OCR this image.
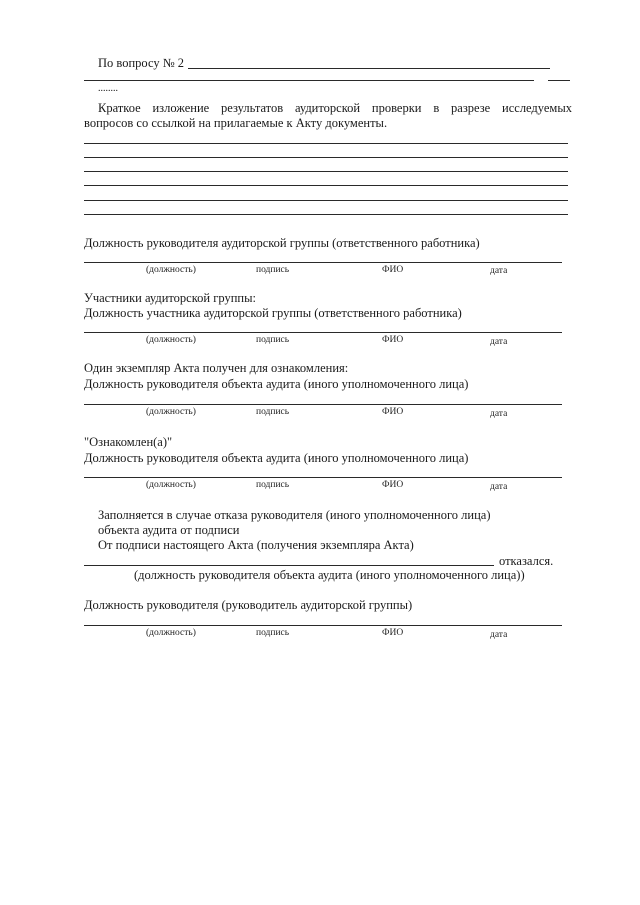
По вопросу № 2
........
Краткое изложение результатов аудиторской проверки в разрезе исследуемых
вопросов со ссылкой на прилагаемые к Акту документы.
Должность руководителя аудиторской группы (ответственного работника)
(должность)	подпись	ФИО	дата
Участники аудиторской группы:
Должность участника аудиторской группы (ответственного работника)
(должность)	подпись	ФИО	дата
Один экземпляр Акта получен для ознакомления:
Должность руководителя объекта аудита (иного уполномоченного лица)
(должность)	подпись	ФИО	дата
"Ознакомлен(а)"
Должность руководителя объекта аудита (иного уполномоченного лица)
(должность)	подпись	ФИО	дата
Заполняется в случае отказа руководителя (иного уполномоченного лица)
объекта аудита от подписи
От подписи настоящего Акта (получения экземпляра Акта)
отказался.
(должность руководителя объекта аудита (иного уполномоченного лица))
Должность руководителя (руководитель аудиторской группы)
(должность)	подпись	ФИО	дата
